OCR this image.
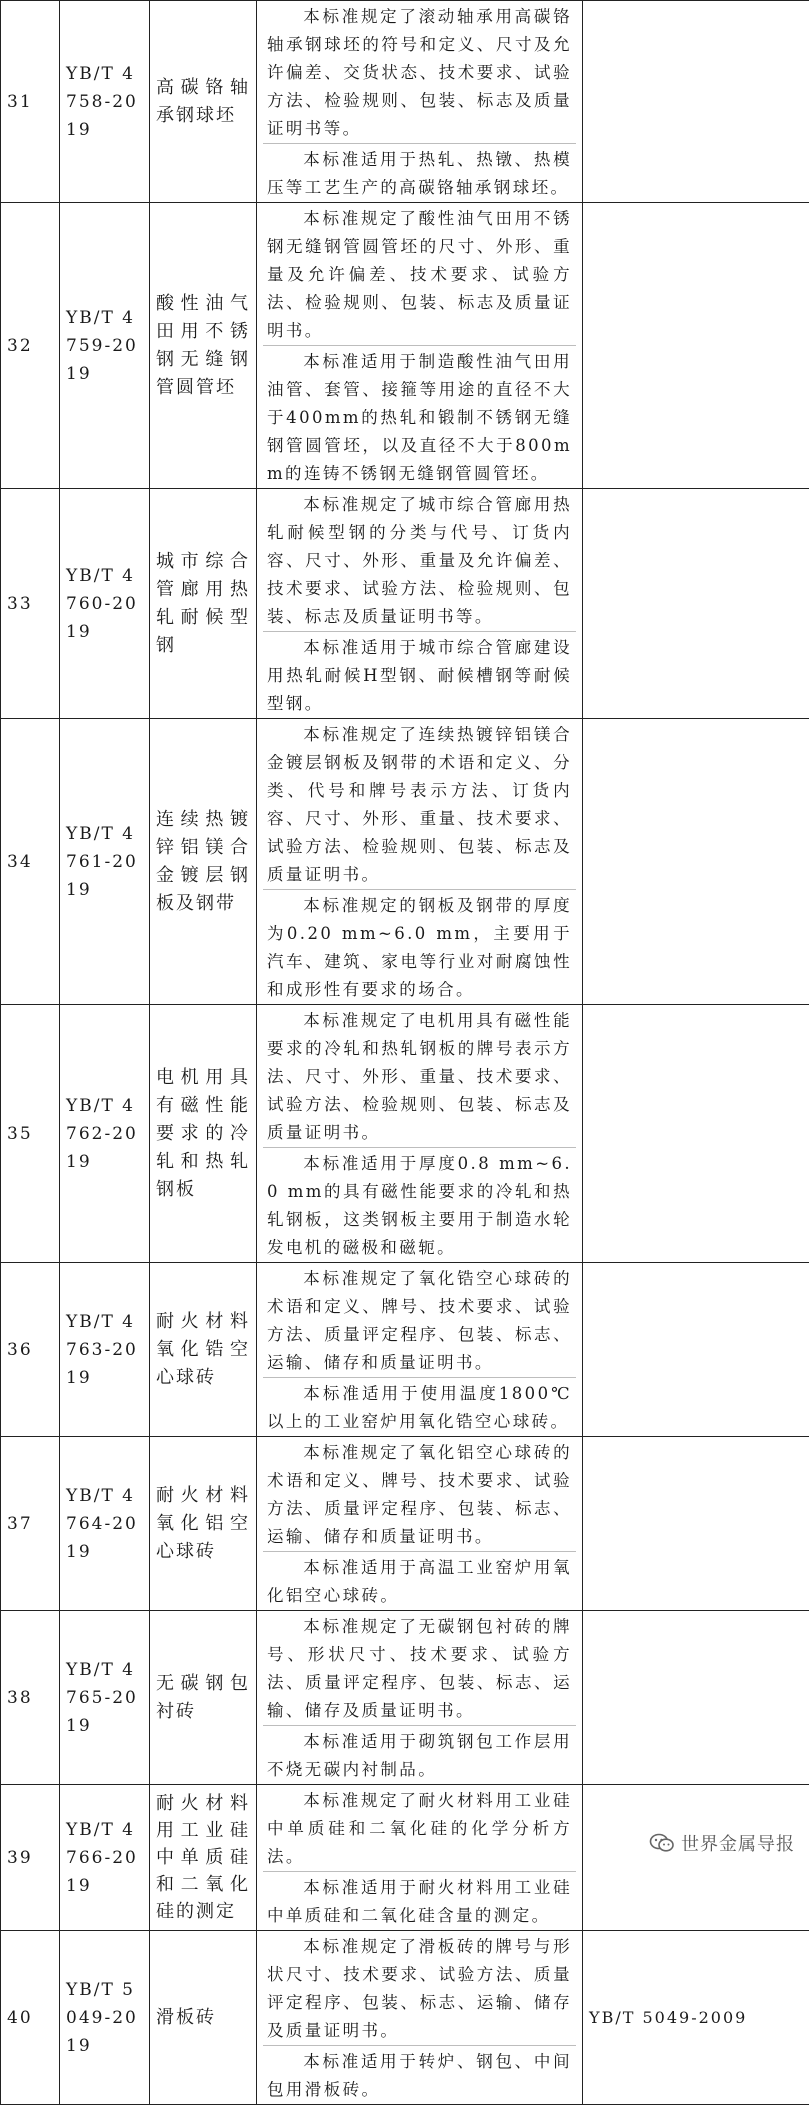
31	YB/T 4758-2019	高碳铬轴承钢球坯	本标准规定了滚动轴承用高碳铬轴承钢球坯的符号和定义、尺寸及允许偏差、交货状态、技术要求、试验方法、检验规则、包装、标志及质量证明书等。
本标准适用于热轧、热镦、热模压等工艺生产的高碳铬轴承钢球坯。	

32	YB/T 4759-2019	酸性油气田用不锈钢无缝钢管圆管坯	本标准规定了酸性油气田用不锈钢无缝钢管圆管坯的尺寸、外形、重量及允许偏差、技术要求、试验方法、检验规则、包装、标志及质量证明书。
本标准适用于制造酸性油气田用油管、套管、接箍等用途的直径不大于400mm的热轧和锻制不锈钢无缝钢管圆管坯，以及直径不大于800mm的连铸不锈钢无缝钢管圆管坯。	

33	YB/T 4760-2019	城市综合管廊用热轧耐候型钢	本标准规定了城市综合管廊用热轧耐候型钢的分类与代号、订货内容、尺寸、外形、重量及允许偏差、技术要求、试验方法、检验规则、包装、标志及质量证明书等。
本标准适用于城市综合管廊建设用热轧耐候H型钢、耐候槽钢等耐候型钢。	

34	YB/T 4761-2019	连续热镀锌铝镁合金镀层钢板及钢带	本标准规定了连续热镀锌铝镁合金镀层钢板及钢带的术语和定义、分类、代号和牌号表示方法、订货内容、尺寸、外形、重量、技术要求、试验方法、检验规则、包装、标志及质量证明书。
本标准规定的钢板及钢带的厚度为0.20 mm~6.0 mm，主要用于汽车、建筑、家电等行业对耐腐蚀性和成形性有要求的场合。	

35	YB/T 4762-2019	电机用具有磁性能要求的冷轧和热轧钢板	本标准规定了电机用具有磁性能要求的冷轧和热轧钢板的牌号表示方法、尺寸、外形、重量、技术要求、试验方法、检验规则、包装、标志及质量证明书。
本标准适用于厚度0.8 mm~6.0 mm的具有磁性能要求的冷轧和热轧钢板，这类钢板主要用于制造水轮发电机的磁极和磁轭。	

36	YB/T 4763-2019	耐火材料氧化锆空心球砖	本标准规定了氧化锆空心球砖的术语和定义、牌号、技术要求、试验方法、质量评定程序、包装、标志、运输、储存和质量证明书。
本标准适用于使用温度1800℃以上的工业窑炉用氧化锆空心球砖。	

37	YB/T 4764-2019	耐火材料氧化铝空心球砖	本标准规定了氧化铝空心球砖的术语和定义、牌号、技术要求、试验方法、质量评定程序、包装、标志、运输、储存和质量证明书。
本标准适用于高温工业窑炉用氧化铝空心球砖。	

38	YB/T 4765-2019	无碳钢包衬砖	本标准规定了无碳钢包衬砖的牌号、形状尺寸、技术要求、试验方法、质量评定程序、包装、标志、运输、储存及质量证明书。
本标准适用于砌筑钢包工作层用不烧无碳内衬制品。	

39	YB/T 4766-2019	耐火材料用工业硅中单质硅和二氧化硅的测定	本标准规定了耐火材料用工业硅中单质硅和二氧化硅的化学分析方法。
本标准适用于耐火材料用工业硅中单质硅和二氧化硅含量的测定。	

40	YB/T 5049-2019	滑板砖	本标准规定了滑板砖的牌号与形状尺寸、技术要求、试验方法、质量评定程序、包装、标志、运输、储存及质量证明书。
本标准适用于转炉、钢包、中间包用滑板砖。	YB/T 5049-2009
世界金属导报
